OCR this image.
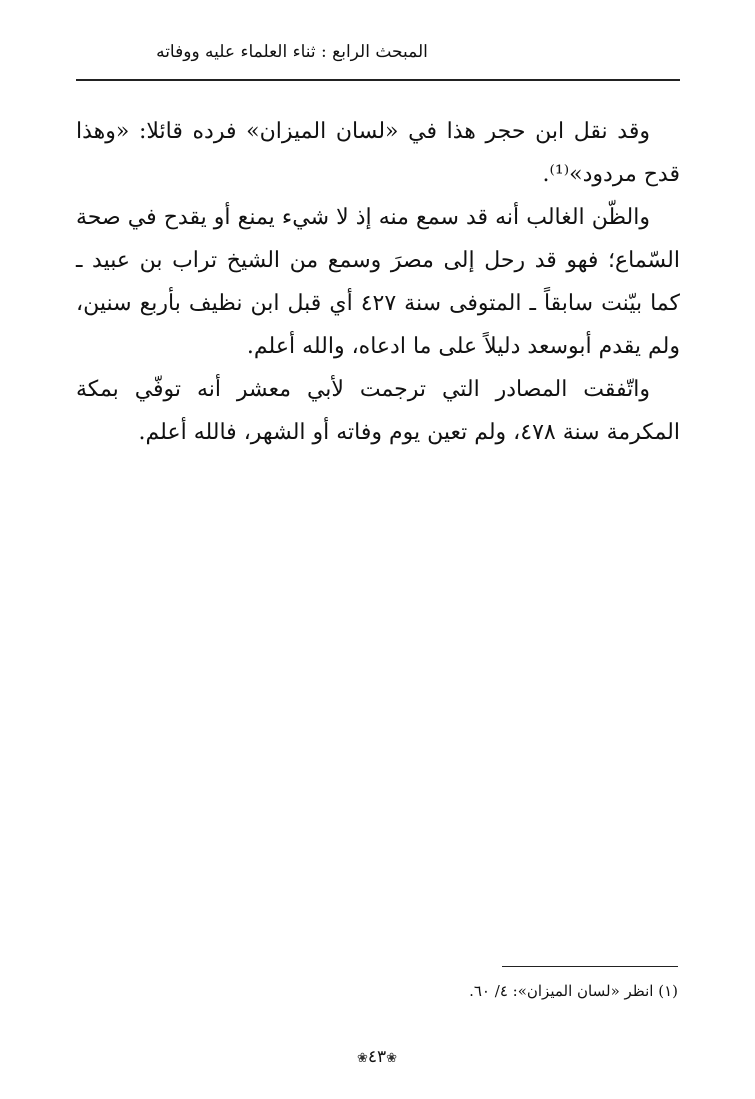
المبحث الرابع : ثناء العلماء عليه ووفاته

وقد نقل ابن حجر هذا في «لسان الميزان» فرده قائلا: «وهذا قدح مردود»⁽¹⁾.

والظّن الغالب أنه قد سمع منه إذ لا شيء يمنع أو يقدح في صحة السّماع؛ فهو قد رحل إلى مصرَ وسمع من الشيخ تراب بن عبيد ـ كما بيّنت سابقاً ـ المتوفى سنة ٤٢٧ أي قبل ابن نظيف بأربع سنين، ولم يقدم أبوسعد دليلاً على ما ادعاه، والله أعلم.

واتّفقت المصادر التي ترجمت لأبي معشر أنه توفّي بمكة المكرمة سنة ٤٧٨، ولم تعين يوم وفاته أو الشهر، فالله أعلم.

(١) انظر «لسان الميزان»: ٤/ ٦٠.
❀٤٣❀
